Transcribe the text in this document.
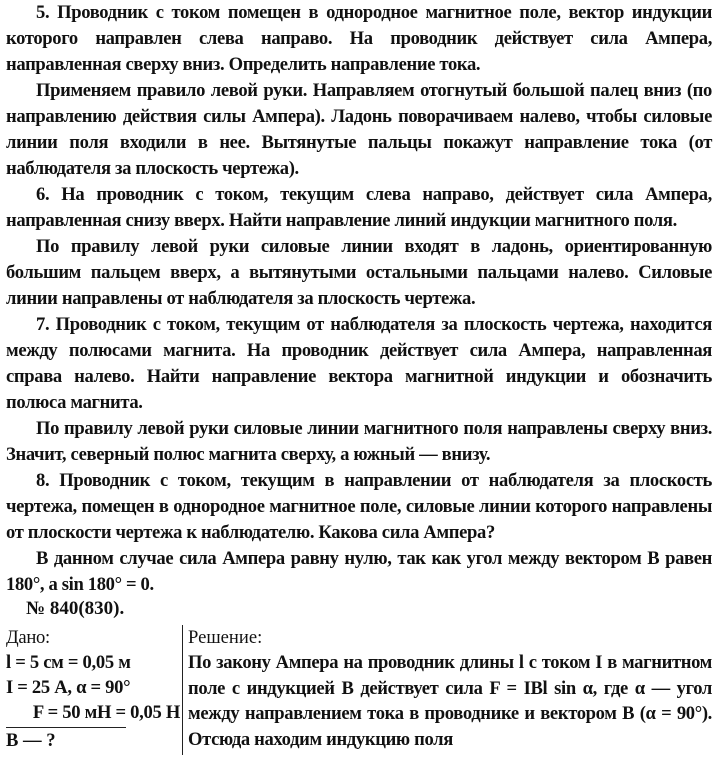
5. Проводник с током помещен в однородное магнитное поле, вектор индукции которого направлен слева направо. На проводник действует сила Ампера, направленная сверху вниз. Определить направление тока.

Применяем правило левой руки. Направляем отогнутый большой палец вниз (по направлению действия силы Ампера). Ладонь поворачиваем налево, чтобы силовые линии поля входили в нее. Вытянутые пальцы покажут направление тока (от наблюдателя за плоскость чертежа).

6. На проводник с током, текущим слева направо, действует сила Ампера, направленная снизу вверх. Найти направление линий индукции магнитного поля.

По правилу левой руки силовые линии входят в ладонь, ориентированную большим пальцем вверх, а вытянутыми остальными пальцами налево. Силовые линии направлены от наблюдателя за плоскость чертежа.

7. Проводник с током, текущим от наблюдателя за плоскость чертежа, находится между полюсами магнита. На проводник действует сила Ампера, направленная справа налево. Найти направление вектора магнитной индукции и обозначить полюса магнита.

По правилу левой руки силовые линии магнитного поля направлены сверху вниз. Значит, северный полюс магнита сверху, а южный — внизу.

8. Проводник с током, текущим в направлении от наблюдателя за плоскость чертежа, помещен в однородное магнитное поле, силовые линии которого направлены от плоскости чертежа к наблюдателю. Какова сила Ампера?

В данном случае сила Ампера равну нулю, так как угол между вектором B равен 180°, a sin 180° = 0.

№ 840(830).

Дано:

l = 5 см = 0,05 м

I = 25 А, α = 90°

F = 50 мН = 0,05 Н

B — ?

Решение:

По закону Ампера на проводник длины l с током I в магнитном поле с индукцией B действует сила F = IBl sin α, где α — угол между направлением тока в проводнике и вектором B (α = 90°). Отсюда находим индукцию поля
